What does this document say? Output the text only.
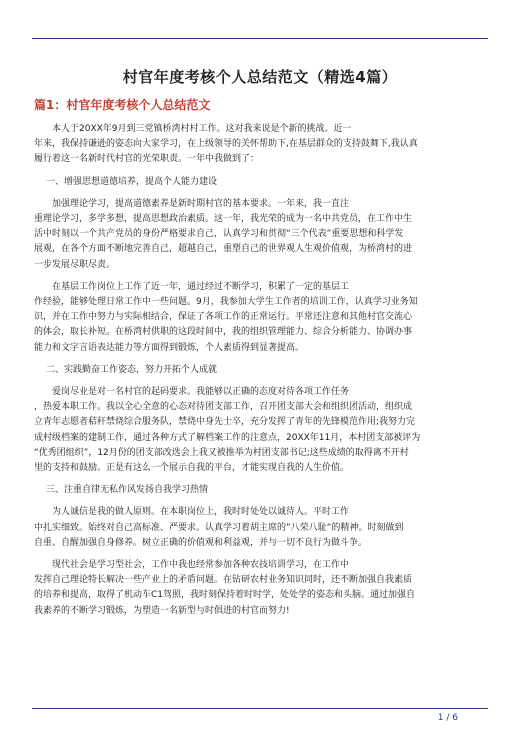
村官年度考核个人总结范文（精选4篇）
篇1：村官年度考核个人总结范文

本人于20XX年9月到三党镇桥湾村村工作。这对我来说是个新的挑战。近一
年来，我保持谦逊的姿态向大家学习，在上级领导的关怀帮助下,在基层群众的支持鼓舞下,我认真
履行着这一名新时代村官的光荣职责。一年中我做到了：

一、增强思想道德培养，提高个人能力建设

加强理论学习，提高道德素养是新时期村官的基本要求。一年来，我一直注
重理论学习，多学多想，提高思想政治素质。这一年，我光荣的成为一名中共党员，在工作中生
活中时刻以一个共产党员的身份严格要求自己，认真学习和贯彻“三个代表”重要思想和科学发
展观，在各个方面不断地完善自己，超越自己，重塑自己的世界观人生观价值观，为桥湾村的进
一步发展尽职尽责。

在基层工作岗位上工作了近一年，通过经过不断学习，积累了一定的基层工
作经验，能够处理日常工作中一些问题。9月，我参加大学生工作者的培训工作，认真学习业务知
识，并在工作中努力与实际相结合，保证了各项工作的正常运行。平常还注意和其他村官交流心
的体会，取长补短。在桥湾村供职的这段时间中，我的组织管理能力、综合分析能力、协调办事
能力和文字言语表达能力等方面得到锻炼，个人素质得到显著提高。

二、实践勤奋工作姿态，努力开拓个人成就

爱岗尽业是对一名村官的起码要求。我能够以正确的态度对待各项工作任务
，热爱本职工作。我以全心全意的心态对待团支部工作，召开团支部大会和组织团活动，组织成
立青年志愿者秸秆禁烧综合服务队，禁烧中身先士卒，充分发挥了青年的先锋模范作用;我努力完
成村级档案的建制工作，通过各种方式了解档案工作的注意点，20XX年11月，本村团支部被评为
“优秀团组织”，12月份的团支部改选会上我又被推举为村团支部书记;这些成绩的取得离不开村
里的支持和鼓励。正是有这么一个展示自我的平台，才能实现自我的人生价值。

三、注重自律无私作风发扬自我学习热情

为人诚信是我的做人原则。在本职岗位上，我时时处处以诚待人。平时工作
中扎实细致。始终对自己高标准、严要求。认真学习着胡主席的”八荣八耻”的精神。时刻做到
自重、自醒加强自身修养。树立正确的价值观和利益观，并与一切不良行为做斗争。

现代社会是学习型社会，工作中我也经常参加各种农技培训学习，在工作中
发挥自己理论特长解决一些产业上的矛盾问题。在钻研农村业务知识同时，还不断加强自我素质
的培养和提高，取得了机动车C1驾照，我时刻保持着时时学，处处学的姿态和头脑。通过加强自
我素养的不断学习锻炼，为塑造一名新型与时俱进的村官而努力!

1 / 6
